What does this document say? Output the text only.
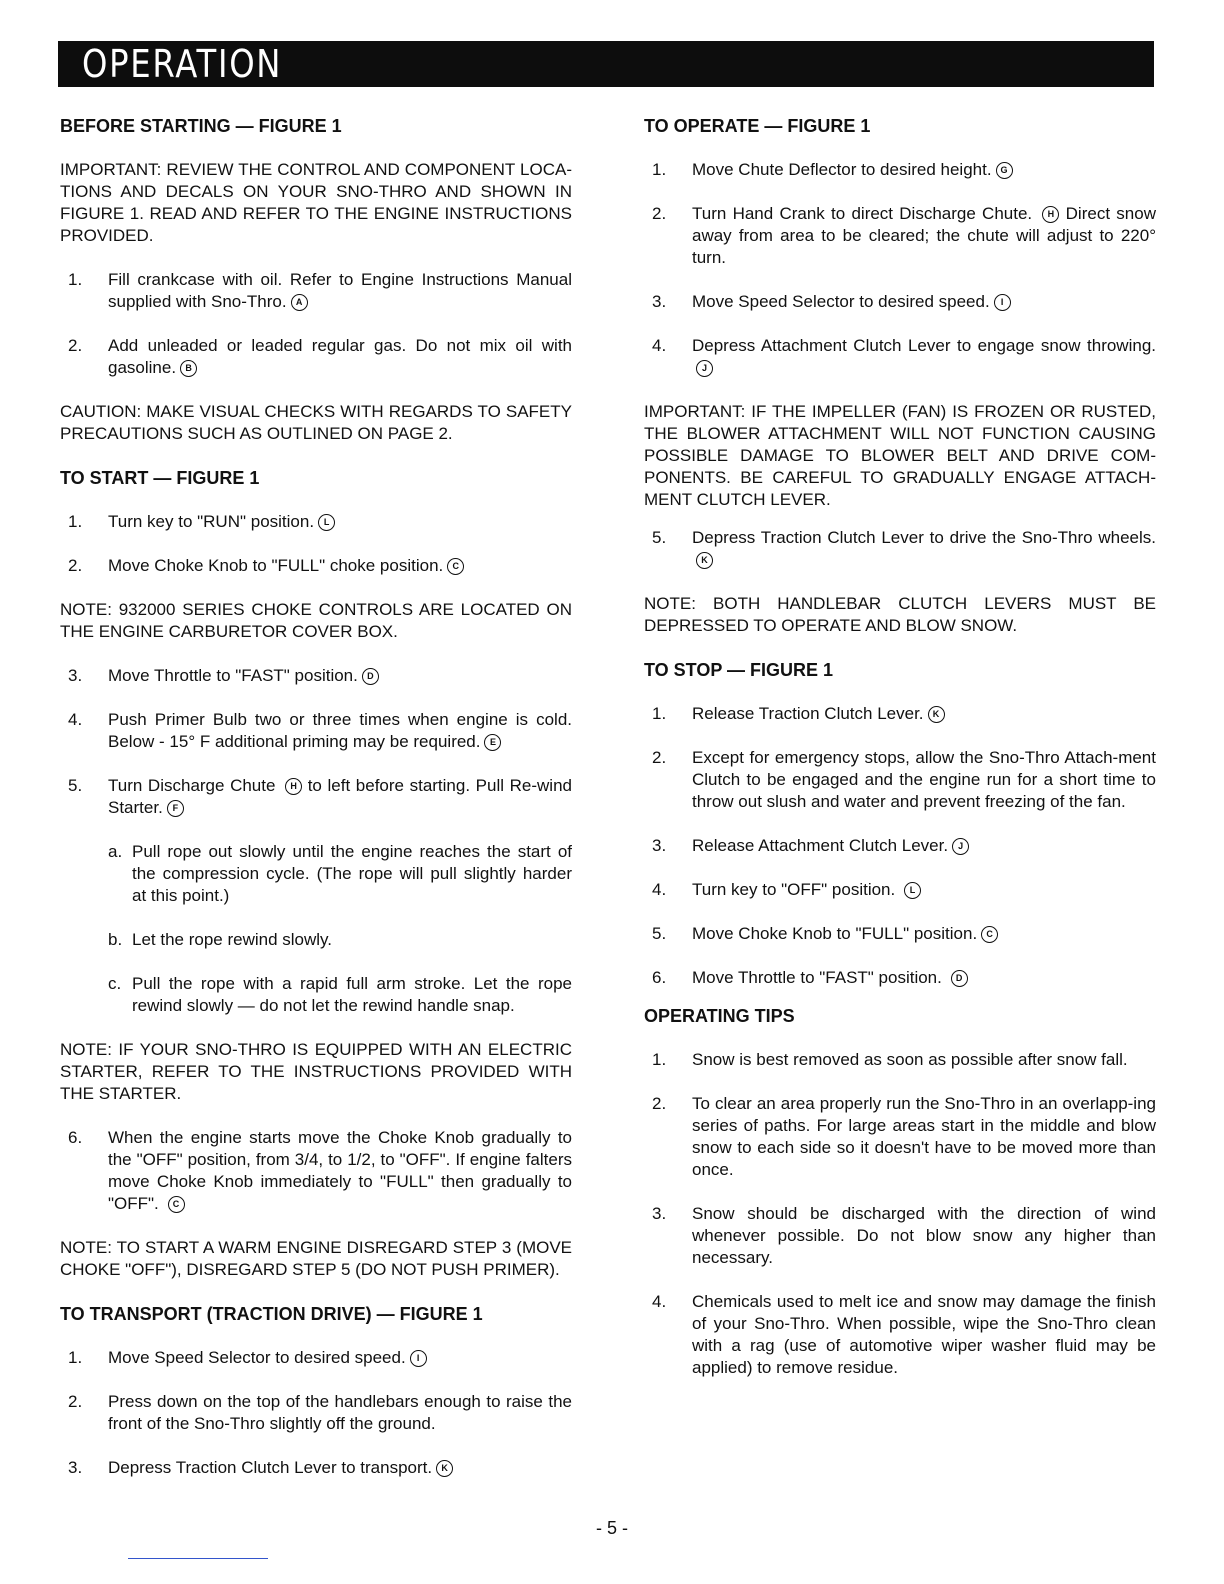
OPERATION
BEFORE STARTING — FIGURE 1
IMPORTANT: REVIEW THE CONTROL AND COMPONENT LOCA-TIONS AND DECALS ON YOUR SNO-THRO AND SHOWN IN FIGURE 1. READ AND REFER TO THE ENGINE INSTRUCTIONS PROVIDED.
1.	Fill crankcase with oil. Refer to Engine Instructions Manual supplied with Sno-Thro. A
2.	Add unleaded or leaded regular gas. Do not mix oil with gasoline. B
CAUTION: MAKE VISUAL CHECKS WITH REGARDS TO SAFETY PRECAUTIONS SUCH AS OUTLINED ON PAGE 2.
TO START — FIGURE 1
1.	Turn key to "RUN" position. L
2.	Move Choke Knob to "FULL" choke position. C
NOTE: 932000 SERIES CHOKE CONTROLS ARE LOCATED ON THE ENGINE CARBURETOR COVER BOX.
3.	Move Throttle to "FAST" position. D
4.	Push Primer Bulb two or three times when engine is cold. Below - 15° F additional priming may be required. E
5.	Turn Discharge Chute H to left before starting. Pull Re-wind Starter. F
a. Pull rope out slowly until the engine reaches the start of the compression cycle. (The rope will pull slightly harder at this point.)
b. Let the rope rewind slowly.
c. Pull the rope with a rapid full arm stroke. Let the rope rewind slowly — do not let the rewind handle snap.
NOTE: IF YOUR SNO-THRO IS EQUIPPED WITH AN ELECTRIC STARTER, REFER TO THE INSTRUCTIONS PROVIDED WITH THE STARTER.
6.	When the engine starts move the Choke Knob gradually to the "OFF" position, from 3/4, to 1/2, to "OFF". If engine falters move Choke Knob immediately to "FULL" then gradually to "OFF". C
NOTE: TO START A WARM ENGINE DISREGARD STEP 3 (MOVE CHOKE "OFF"), DISREGARD STEP 5 (DO NOT PUSH PRIMER).
TO TRANSPORT (TRACTION DRIVE) — FIGURE 1
1.	Move Speed Selector to desired speed. I
2.	Press down on the top of the handlebars enough to raise the front of the Sno-Thro slightly off the ground.
3.	Depress Traction Clutch Lever to transport. K
TO OPERATE — FIGURE 1
1.	Move Chute Deflector to desired height. G
2.	Turn Hand Crank to direct Discharge Chute. H Direct snow away from area to be cleared; the chute will adjust to 220° turn.
3.	Move Speed Selector to desired speed. I
4.	Depress Attachment Clutch Lever to engage snow throwing.J
IMPORTANT: IF THE IMPELLER (FAN) IS FROZEN OR RUSTED, THE BLOWER ATTACHMENT WILL NOT FUNCTION CAUSING POSSIBLE DAMAGE TO BLOWER BELT AND DRIVE COM-PONENTS. BE CAREFUL TO GRADUALLY ENGAGE ATTACH-MENT CLUTCH LEVER.
5.	Depress Traction Clutch Lever to drive the Sno-Thro wheels.K
NOTE: BOTH HANDLEBAR CLUTCH LEVERS MUST BE DEPRESSED TO OPERATE AND BLOW SNOW.
TO STOP — FIGURE 1
1.	Release Traction Clutch Lever. K
2.	Except for emergency stops, allow the Sno-Thro Attach-ment Clutch to be engaged and the engine run for a short time to throw out slush and water and prevent freezing of the fan.
3.	Release Attachment Clutch Lever. J
4.	Turn key to "OFF" position. L
5.	Move Choke Knob to "FULL" position. C
6.	Move Throttle to "FAST" position. D
OPERATING TIPS
1.	Snow is best removed as soon as possible after snow fall.
2.	To clear an area properly run the Sno-Thro in an overlapp-ing series of paths. For large areas start in the middle and blow snow to each side so it doesn't have to be moved more than once.
3.	Snow should be discharged with the direction of wind whenever possible. Do not blow snow any higher than necessary.
4.	Chemicals used to melt ice and snow may damage the finish of your Sno-Thro. When possible, wipe the Sno-Thro clean with a rag (use of automotive wiper washer fluid may be applied) to remove residue.
- 5 -
